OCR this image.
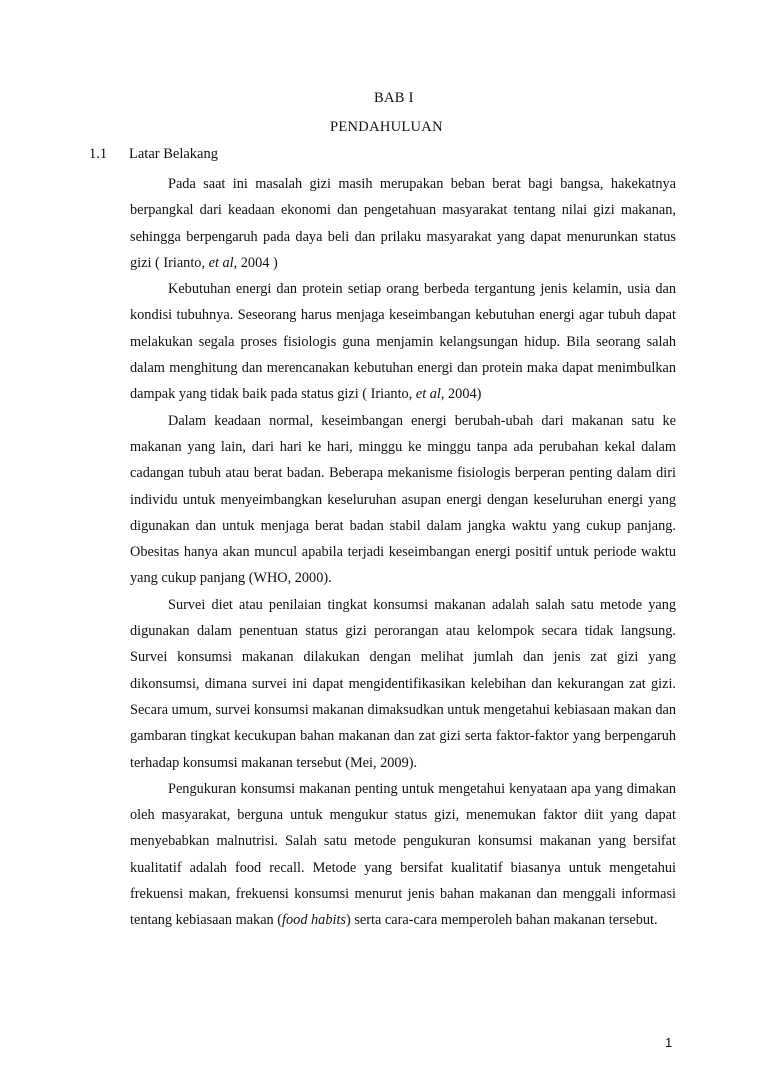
BAB I
PENDAHULUAN
1.1 Latar Belakang

Pada saat ini masalah gizi masih merupakan beban berat bagi bangsa, hakekatnya berpangkal dari keadaan ekonomi dan pengetahuan masyarakat tentang nilai gizi makanan, sehingga berpengaruh pada daya beli dan prilaku masyarakat yang dapat menurunkan status gizi ( Irianto, et al, 2004 )

Kebutuhan energi dan protein setiap orang berbeda tergantung jenis kelamin, usia dan kondisi tubuhnya. Seseorang harus menjaga keseimbangan kebutuhan energi agar tubuh dapat melakukan segala proses fisiologis guna menjamin kelangsungan hidup. Bila seorang salah dalam menghitung dan merencanakan kebutuhan energi dan protein maka dapat menimbulkan dampak yang tidak baik pada status gizi ( Irianto, et al, 2004)

Dalam keadaan normal, keseimbangan energi berubah-ubah dari makanan satu ke makanan yang lain, dari hari ke hari, minggu ke minggu tanpa ada perubahan kekal dalam cadangan tubuh atau berat badan. Beberapa mekanisme fisiologis berperan penting dalam diri individu untuk menyeimbangkan keseluruhan asupan energi dengan keseluruhan energi yang digunakan dan untuk menjaga berat badan stabil dalam jangka waktu yang cukup panjang. Obesitas hanya akan muncul apabila terjadi keseimbangan energi positif untuk periode waktu yang cukup panjang (WHO, 2000).

Survei diet atau penilaian tingkat konsumsi makanan adalah salah satu metode yang digunakan dalam penentuan status gizi perorangan atau kelompok secara tidak langsung. Survei konsumsi makanan dilakukan dengan melihat jumlah dan jenis zat gizi yang dikonsumsi, dimana survei ini dapat mengidentifikasikan kelebihan dan kekurangan zat gizi. Secara umum, survei konsumsi makanan dimaksudkan untuk mengetahui kebiasaan makan dan gambaran tingkat kecukupan bahan makanan dan zat gizi serta faktor-faktor yang berpengaruh terhadap konsumsi makanan tersebut (Mei, 2009).

Pengukuran konsumsi makanan penting untuk mengetahui kenyataan apa yang dimakan oleh masyarakat, berguna untuk mengukur status gizi, menemukan faktor diit yang dapat menyebabkan malnutrisi. Salah satu metode pengukuran konsumsi makanan yang bersifat kualitatif adalah food recall. Metode yang bersifat kualitatif biasanya untuk mengetahui frekuensi makan, frekuensi konsumsi menurut jenis bahan makanan dan menggali informasi tentang kebiasaan makan (food habits) serta cara-cara memperoleh bahan makanan tersebut.

1
